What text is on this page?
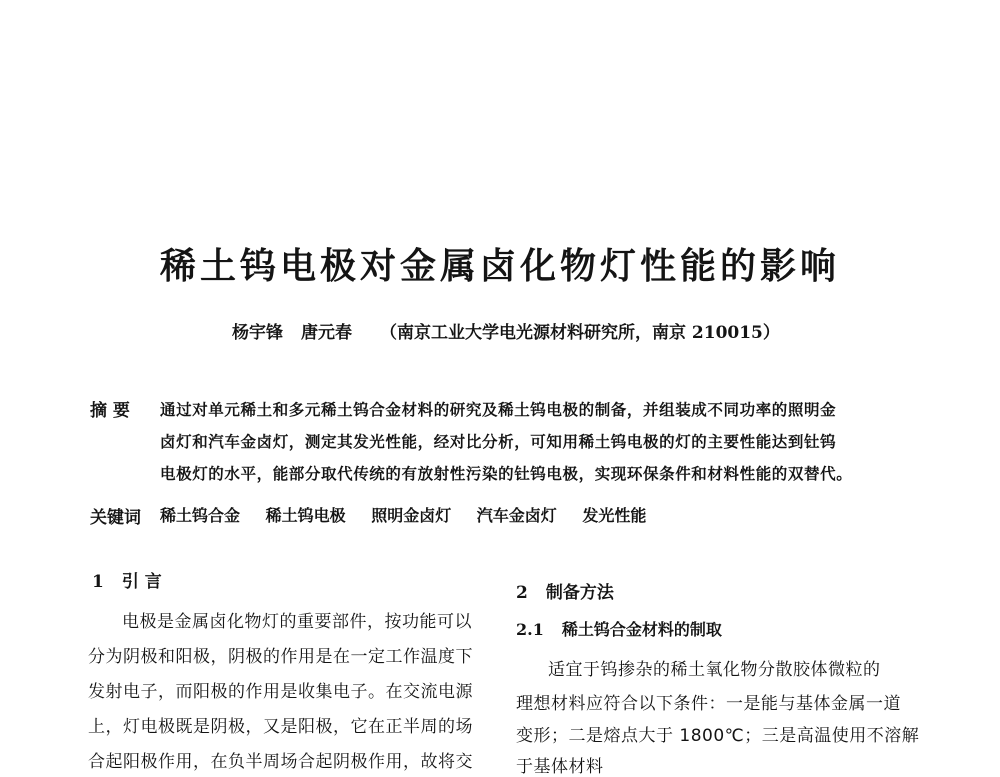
稀土钨电极对金属卤化物灯性能的影响
杨宇锋 唐元春 （南京工业大学电光源材料研究所，南京 210015）
摘 要 通过对单元稀土和多元稀土钨合金材料的研究及稀土钨电极的制备，并组装成不同功率的照明金
卤灯和汽车金卤灯，测定其发光性能，经对比分析，可知用稀土钨电极的灯的主要性能达到钍钨
电极灯的水平，能部分取代传统的有放射性污染的钍钨电极，实现环保条件和材料性能的双替代。
关键词 稀土钨合金 稀土钨电极 照明金卤灯 汽车金卤灯 发光性能
1 引 言
电极是金属卤化物灯的重要部件，按功能可以
分为阴极和阳极，阴极的作用是在一定工作温度下
发射电子，而阳极的作用是收集电子。在交流电源
上，灯电极既是阴极，又是阳极，它在正半周的场
合起阳极作用，在负半周场合起阴极作用，故将交
2 制备方法
2.1 稀土钨合金材料的制取
适宜于钨掺杂的稀土氧化物分散胶体微粒的
理想材料应符合以下条件：一是能与基体金属一道
变形；二是熔点大于 1800℃；三是高温使用不溶解
于基体材料
